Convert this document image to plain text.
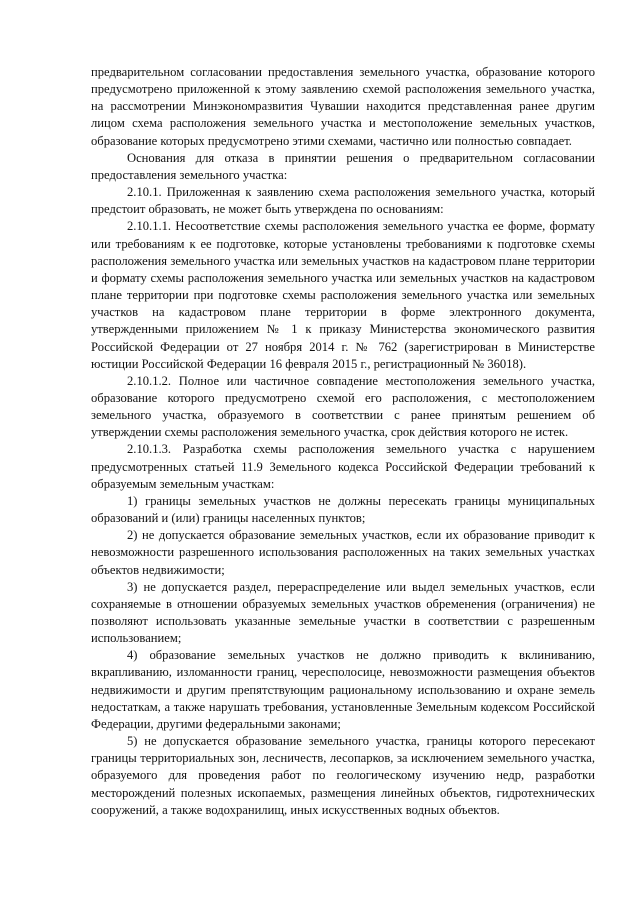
предварительном согласовании предоставления земельного участка, образование которого предусмотрено приложенной к этому заявлению схемой расположения земельного участка, на рассмотрении Минэкономразвития Чувашии находится представленная ранее другим лицом схема расположения земельного участка и местоположение земельных участков, образование которых предусмотрено этими схемами, частично или полностью совпадает.

Основания для отказа в принятии решения о предварительном согласовании предоставления земельного участка:

2.10.1. Приложенная к заявлению схема расположения земельного участка, который предстоит образовать, не может быть утверждена по основаниям:

2.10.1.1. Несоответствие схемы расположения земельного участка ее форме, формату или требованиям к ее подготовке, которые установлены требованиями к подготовке схемы расположения земельного участка или земельных участков на кадастровом плане территории и формату схемы расположения земельного участка или земельных участков на кадастровом плане территории при подготовке схемы расположения земельного участка или земельных участков на кадастровом плане территории в форме электронного документа, утвержденными приложением № 1 к приказу Министерства экономического развития Российской Федерации от 27 ноября 2014 г. № 762 (зарегистрирован в Министерстве юстиции Российской Федерации 16 февраля 2015 г., регистрационный № 36018).

2.10.1.2. Полное или частичное совпадение местоположения земельного участка, образование которого предусмотрено схемой его расположения, с местоположением земельного участка, образуемого в соответствии с ранее принятым решением об утверждении схемы расположения земельного участка, срок действия которого не истек.

2.10.1.3. Разработка схемы расположения земельного участка с нарушением предусмотренных статьей 11.9 Земельного кодекса Российской Федерации требований к образуемым земельным участкам:

1) границы земельных участков не должны пересекать границы муниципальных образований и (или) границы населенных пунктов;

2) не допускается образование земельных участков, если их образование приводит к невозможности разрешенного использования расположенных на таких земельных участках объектов недвижимости;

3) не допускается раздел, перераспределение или выдел земельных участков, если сохраняемые в отношении образуемых земельных участков обременения (ограничения) не позволяют использовать указанные земельные участки в соответствии с разрешенным использованием;

4) образование земельных участков не должно приводить к вклиниванию, вкрапливанию, изломанности границ, чересполосице, невозможности размещения объектов недвижимости и другим препятствующим рациональному использованию и охране земель недостаткам, а также нарушать требования, установленные Земельным кодексом Российской Федерации, другими федеральными законами;

5) не допускается образование земельного участка, границы которого пересекают границы территориальных зон, лесничеств, лесопарков, за исключением земельного участка, образуемого для проведения работ по геологическому изучению недр, разработки месторождений полезных ископаемых, размещения линейных объектов, гидротехнических сооружений, а также водохранилищ, иных искусственных водных объектов.
